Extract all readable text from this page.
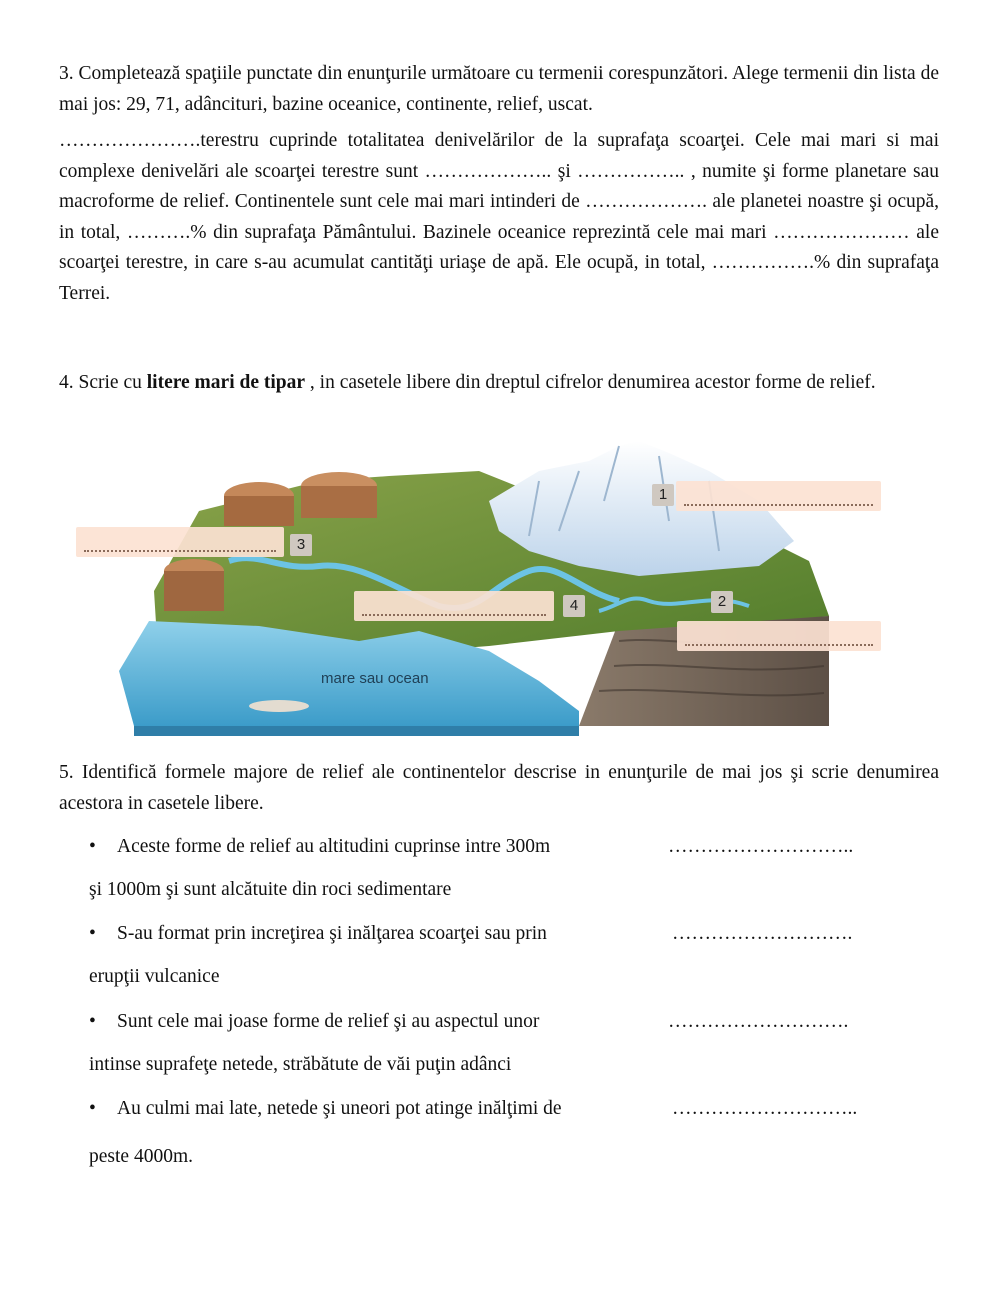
3. Completează spaţiile punctate din enunţurile următoare cu termenii corespunzători. Alege termenii din lista de mai jos: 29, 71, adâncituri, bazine oceanice, continente, relief, uscat.
………………….terestru cuprinde totalitatea denivelărilor de la suprafaţa scoarţei. Cele mai mari si mai complexe denivelări ale scoarţei terestre sunt ……………….. şi …………….. , numite şi forme planetare sau macroforme de relief. Continentele sunt cele mai mari intinderi de ………………. ale planetei noastre şi ocupă, in total, ……….% din suprafaţa Pământului. Bazinele oceanice reprezintă cele mai mari ………………… ale scoarţei terestre, in care s-au acumulat cantităţi uriaşe de apă. Ele ocupă, in total, …………….% din suprafaţa Terrei.
4. Scrie cu litere mari de tipar , in casetele libere din dreptul cifrelor denumirea acestor forme de relief.
mare sau ocean
1
3
4	2
5. Identifică formele majore de relief ale continentelor descrise in enunţurile de mai jos şi scrie denumirea acestora in casetele libere.
• Aceste forme de relief au altitudini cuprinse intre 300m	………………………..
şi 1000m şi sunt alcătuite din roci sedimentare
• S-au format prin increţirea şi inălţarea scoarţei sau prin	……………………….
erupţii vulcanice
• Sunt cele mai joase forme de relief şi au aspectul unor	……………………….
intinse suprafeţe netede, străbătute de văi puţin adânci
• Au culmi mai late, netede şi uneori pot atinge inălţimi de	………………………..
peste 4000m.
